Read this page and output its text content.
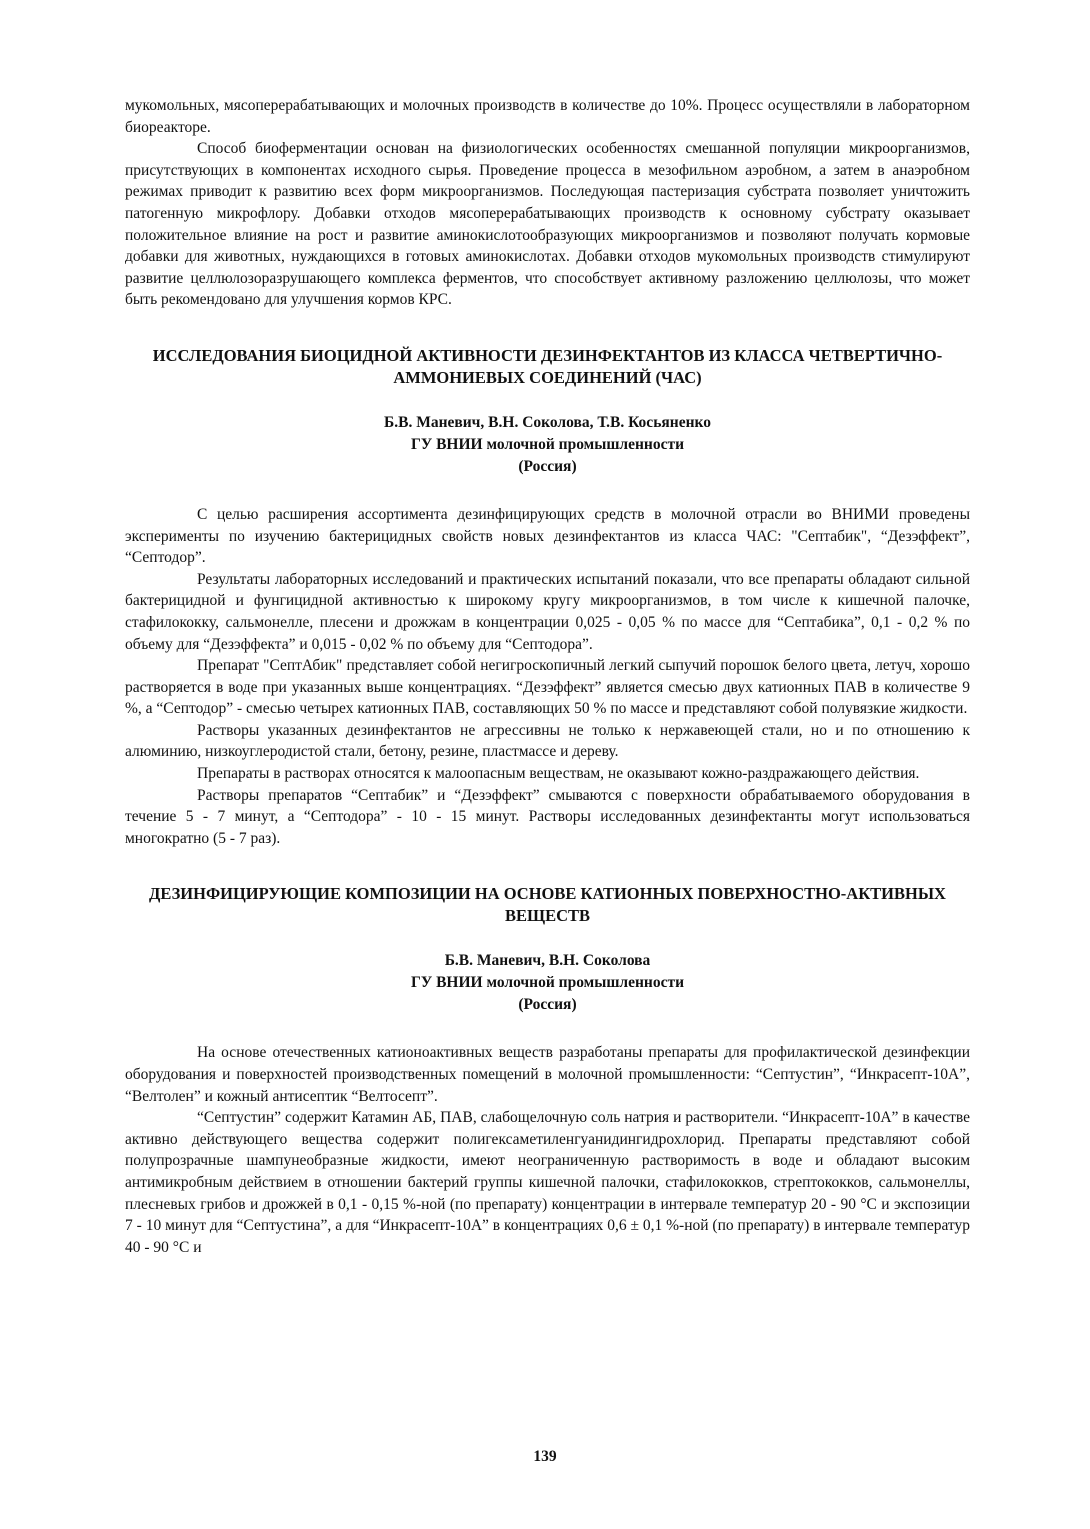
мукомольных, мясоперерабатывающих и молочных производств в количестве до 10%. Процесс осуществляли в лабораторном биореакторе.

Способ биоферментации основан на физиологических особенностях смешанной популяции микроорганизмов, присутствующих в компонентах исходного сырья. Проведение процесса в мезофильном аэробном, а затем в анаэробном режимах приводит к развитию всех форм микроорганизмов. Последующая пастеризация субстрата позволяет уничтожить патогенную микрофлору. Добавки отходов мясоперерабатывающих производств к основному субстрату оказывает положительное влияние на рост и развитие аминокислотообразующих микроорганизмов и позволяют получать кормовые добавки для животных, нуждающихся в готовых аминокислотах. Добавки отходов мукомольных производств стимулируют развитие целлюлозоразрушающего комплекса ферментов, что способствует активному разложению целлюлозы, что может быть рекомендовано для улучшения кормов КРС.

ИССЛЕДОВАНИЯ БИОЦИДНОЙ АКТИВНОСТИ ДЕЗИНФЕКТАНТОВ ИЗ КЛАССА ЧЕТВЕРТИЧНО-АММОНИЕВЫХ СОЕДИНЕНИЙ (ЧАС)

Б.В. Маневич, В.Н. Соколова, Т.В. Косьяненко

ГУ ВНИИ молочной промышленности

(Россия)

С целью расширения ассортимента дезинфицирующих средств в молочной отрасли во ВНИМИ проведены эксперименты по изучению бактерицидных свойств новых дезинфектантов из класса ЧАС: "Септабик", “Дезэффект”, “Септодор”.

Результаты лабораторных исследований и практических испытаний показали, что все препараты обладают сильной бактерицидной и фунгицидной активностью к широкому кругу микроорганизмов, в том числе к кишечной палочке, стафилококку, сальмонелле, плесени и дрожжам в концентрации 0,025 - 0,05 % по массе для “Септабика”, 0,1 - 0,2 % по объему для “Дезэффекта” и 0,015 - 0,02 % по объему для “Септодора”.

Препарат "СептАбик" представляет собой негигроскопичный легкий сыпучий порошок белого цвета, летуч, хорошо растворяется в воде при указанных выше концентрациях. “Дезэффект” является смесью двух катионных ПАВ в количестве 9 %, а “Септодор” - смесью четырех катионных ПАВ, составляющих 50 % по массе и представляют собой полувязкие жидкости.

Растворы указанных дезинфектантов не агрессивны не только к нержавеющей стали, но и по отношению к алюминию, низкоуглеродистой стали, бетону, резине, пластмассе и дереву.

Препараты в растворах относятся к малоопасным веществам, не оказывают кожно-раздражающего действия.

Растворы препаратов “Септабик” и “Дезэффект” смываются с поверхности обрабатываемого оборудования в течение 5 - 7 минут, а “Септодора” - 10 - 15 минут. Растворы исследованных дезинфектанты могут использоваться многократно (5 - 7 раз).

ДЕЗИНФИЦИРУЮЩИЕ КОМПОЗИЦИИ НА ОСНОВЕ КАТИОННЫХ ПОВЕРХНОСТНО-АКТИВНЫХ ВЕЩЕСТВ

Б.В. Маневич, В.Н. Соколова

ГУ ВНИИ молочной промышленности

(Россия)

На основе отечественных катионоактивных веществ разработаны препараты для профилактической дезинфекции оборудования и поверхностей производственных помещений в молочной промышленности: “Септустин”, “Инкрасепт-10А”, “Велтолен” и кожный антисептик “Велтосепт”.

“Септустин” содержит Катамин АБ, ПАВ, слабощелочную соль натрия и растворители. “Инкрасепт-10А” в качестве активно действующего вещества содержит полигексаметиленгуанидингидрохлорид. Препараты представляют собой полупрозрачные шампунеобразные жидкости, имеют неограниченную растворимость в воде и обладают высоким антимикробным действием в отношении бактерий группы кишечной палочки, стафилококков, стрептококков, сальмонеллы, плесневых грибов и дрожжей в 0,1 - 0,15 %-ной (по препарату) концентрации в интервале температур 20 - 90 °С и экспозиции 7 - 10 минут для “Септустина”, а для “Инкрасепт-10А” в концентрациях 0,6 ± 0,1 %-ной (по препарату) в интервале температур 40 - 90 °С и

139
